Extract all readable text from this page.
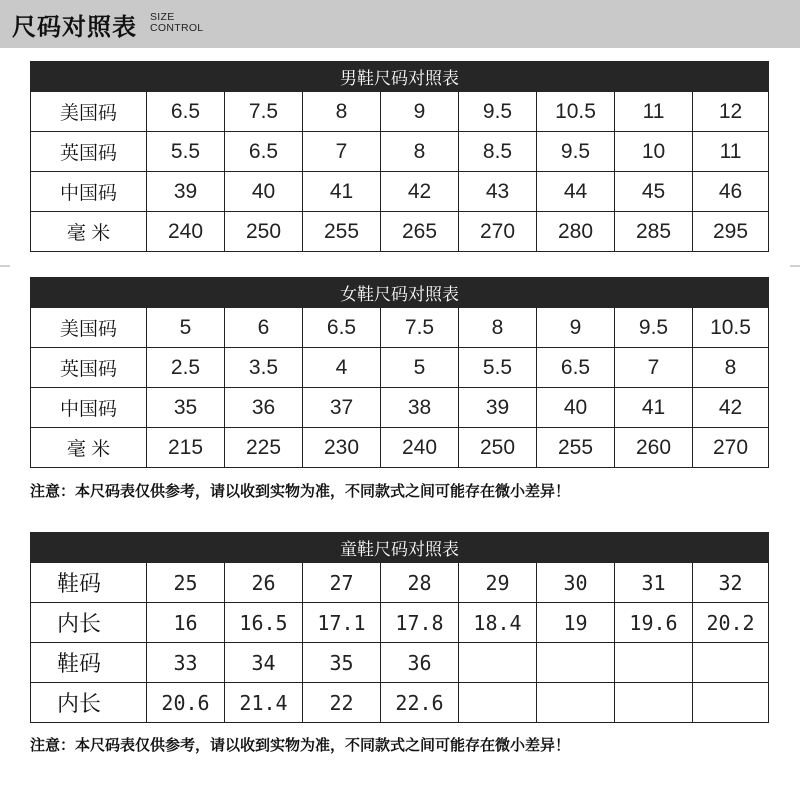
尺码对照表 SIZE
CONTROL
男鞋尺码对照表								
美国码	6.5	7.5	8	9	9.5	10.5	11	12
英国码	5.5	6.5	7	8	8.5	9.5	10	11
中国码	39	40	41	42	43	44	45	46
毫 米	240	250	255	265	270	280	285	295
女鞋尺码对照表								
美国码	5	6	6.5	7.5	8	9	9.5	10.5
英国码	2.5	3.5	4	5	5.5	6.5	7	8
中国码	35	36	37	38	39	40	41	42
毫 米	215	225	230	240	250	255	260	270
注意：本尺码表仅供参考，请以收到实物为准，不同款式之间可能存在微小差异！
童鞋尺码对照表								
鞋码	25	26	27	28	29	30	31	32
内长	16	16.5	17.1	17.8	18.4	19	19.6	20.2
鞋码	33	34	35	36				
内长	20.6	21.4	22	22.6				
注意：本尺码表仅供参考，请以收到实物为准，不同款式之间可能存在微小差异！
